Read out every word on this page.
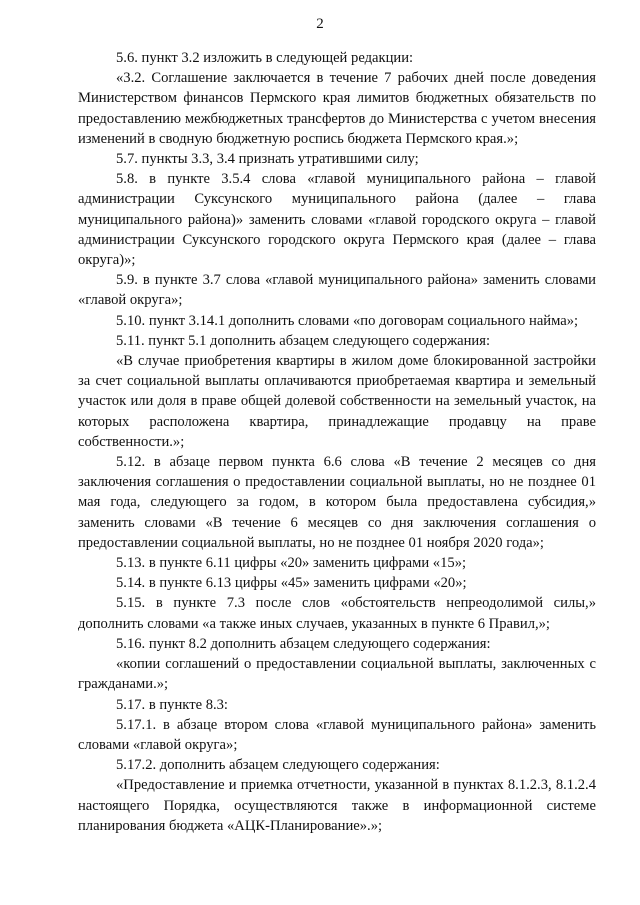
2

5.6. пункт 3.2 изложить в следующей редакции:

«3.2. Соглашение заключается в течение 7 рабочих дней после доведения Министерством финансов Пермского края лимитов бюджетных обязательств по предоставлению межбюджетных трансфертов до Министерства с учетом внесения изменений в сводную бюджетную роспись бюджета Пермского края.»;

5.7. пункты 3.3, 3.4 признать утратившими силу;

5.8. в пункте 3.5.4 слова «главой муниципального района – главой администрации Суксунского муниципального района (далее – глава муниципального района)» заменить словами «главой городского округа – главой администрации Суксунского городского округа Пермского края (далее – глава округа)»;

5.9. в пункте 3.7 слова «главой муниципального района» заменить словами «главой округа»;

5.10. пункт 3.14.1 дополнить словами «по договорам социального найма»;

5.11. пункт 5.1 дополнить абзацем следующего содержания:

«В случае приобретения квартиры в жилом доме блокированной застройки за счет социальной выплаты оплачиваются приобретаемая квартира и земельный участок или доля в праве общей долевой собственности на земельный участок, на которых расположена квартира, принадлежащие продавцу на праве собственности.»;

5.12. в абзаце первом пункта 6.6 слова «В течение 2 месяцев со дня заключения соглашения о предоставлении социальной выплаты, но не позднее 01 мая года, следующего за годом, в котором была предоставлена субсидия,» заменить словами «В течение 6 месяцев со дня заключения соглашения о предоставлении социальной выплаты, но не позднее 01 ноября 2020 года»;

5.13. в пункте 6.11 цифры «20» заменить цифрами «15»;

5.14. в пункте 6.13 цифры «45» заменить цифрами «20»;

5.15. в пункте 7.3 после слов «обстоятельств непреодолимой силы,» дополнить словами «а также иных случаев, указанных в пункте 6 Правил,»;

5.16. пункт 8.2 дополнить абзацем следующего содержания:

«копии соглашений о предоставлении социальной выплаты, заключенных с гражданами.»;

5.17. в пункте 8.3:

5.17.1. в абзаце втором слова «главой муниципального района» заменить словами «главой округа»;

5.17.2. дополнить абзацем следующего содержания:

«Предоставление и приемка отчетности, указанной в пунктах 8.1.2.3, 8.1.2.4 настоящего Порядка, осуществляются также в информационной системе планирования бюджета «АЦК-Планирование».»;
